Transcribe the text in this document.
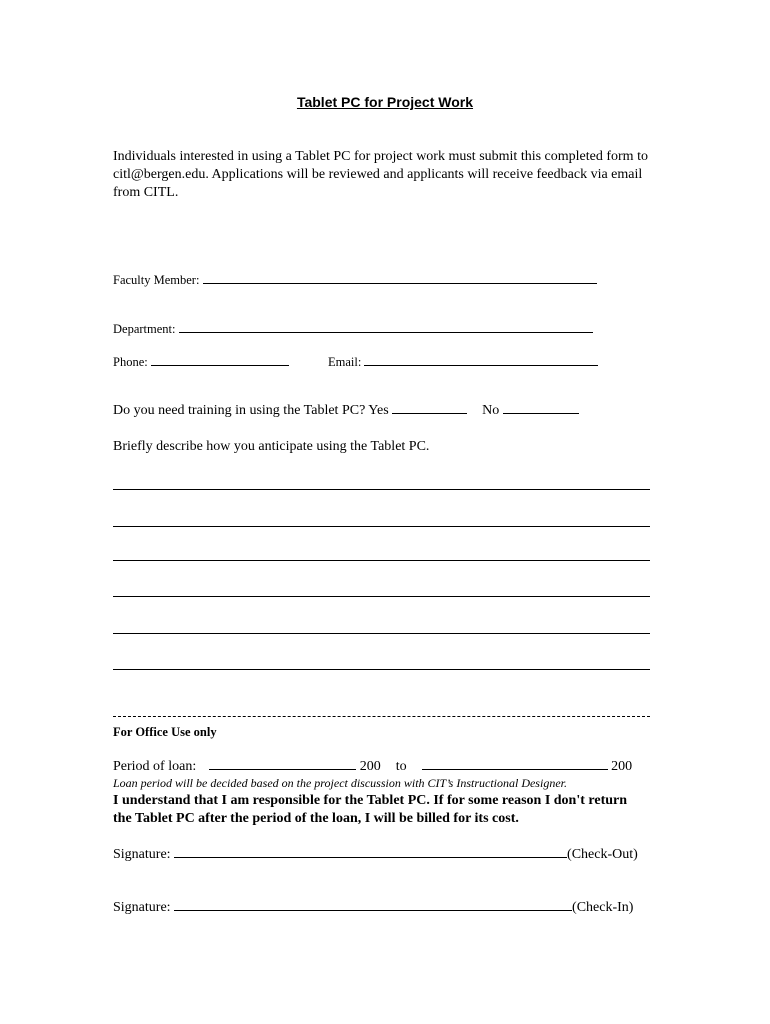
Tablet PC for Project Work
Individuals interested in using a Tablet PC for project work must submit this completed form to citl@bergen.edu. Applications will be reviewed and applicants will receive feedback via email from CITL.
Faculty Member:
Department:
Phone:	Email:
Do you need training in using the Tablet PC? Yes	No
Briefly describe how you anticipate using the Tablet PC.
For Office Use only
Period of loan:	200 to	200
Loan period will be decided based on the project discussion with CIT’s Instructional Designer.
I understand that I am responsible for the Tablet PC. If for some reason I don't return the Tablet PC after the period of the loan, I will be billed for its cost.
Signature:	(Check-Out)
Signature:	(Check-In)
